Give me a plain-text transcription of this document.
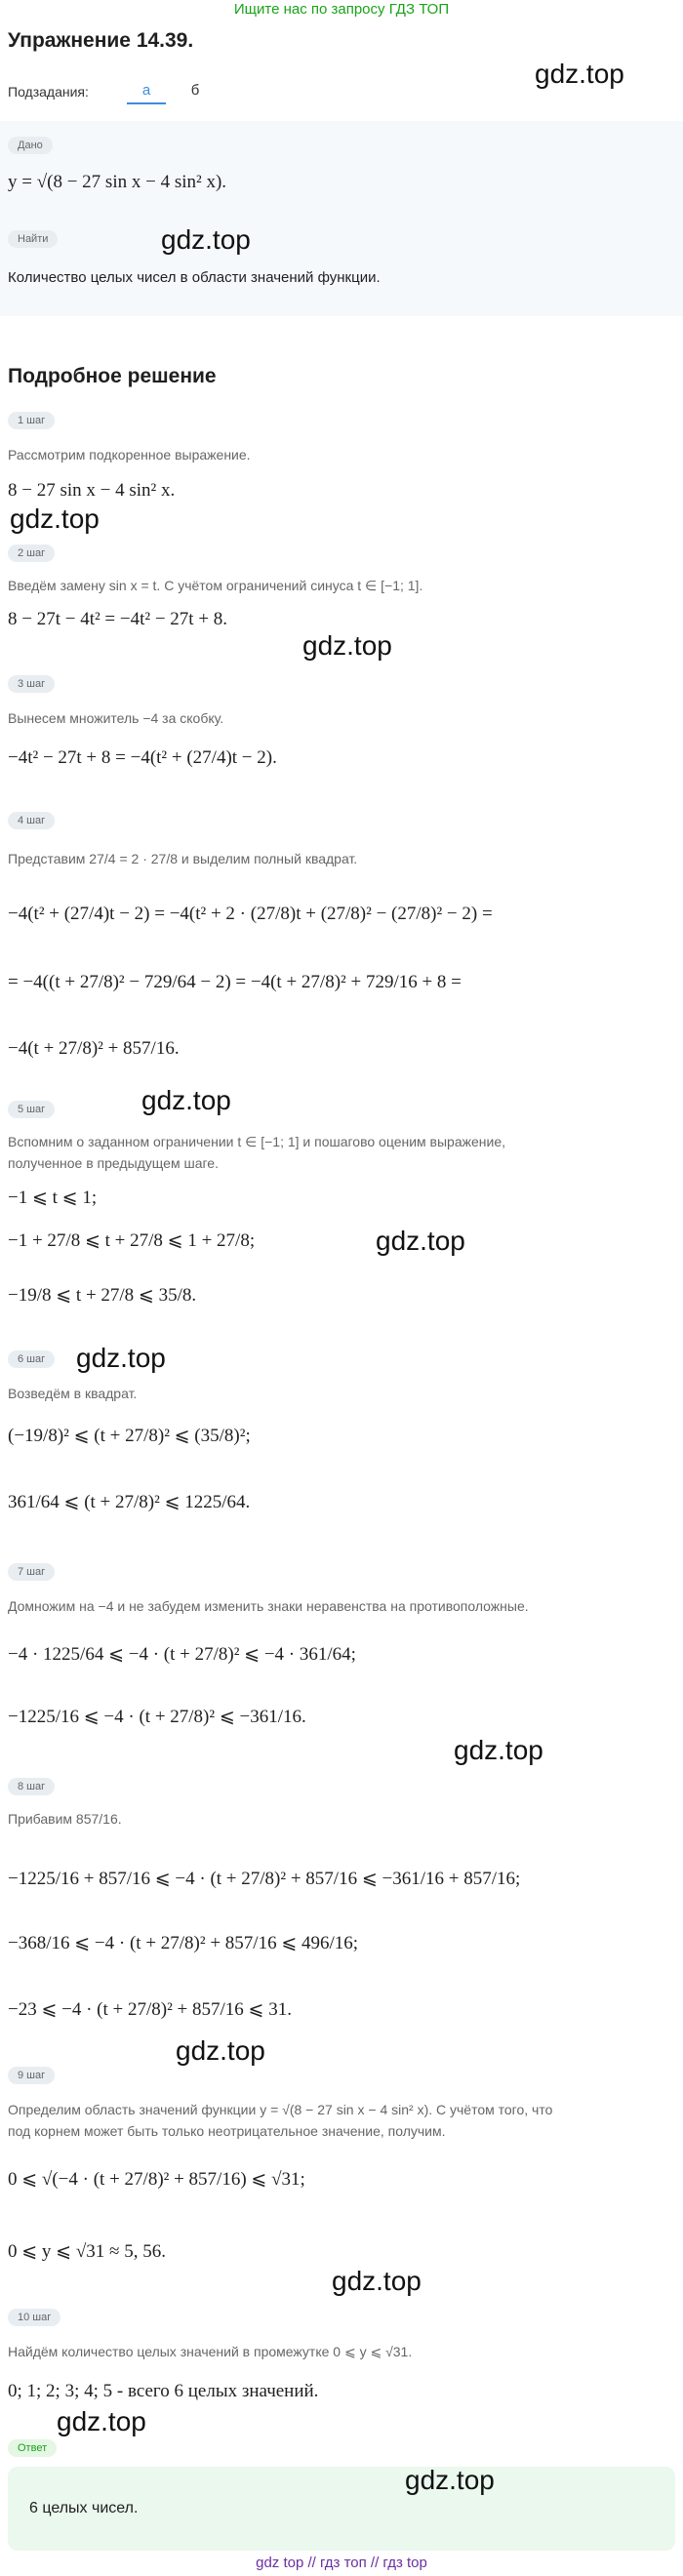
Ищите нас по запросу ГДЗ ТОП
Упражнение 14.39.
gdz.top
Подзадания:	а	б
Дано
y = √(8 − 27 sin x − 4 sin² x).
Найти	gdz.top
Количество целых чисел в области значений функции.
Подробное решение
1 шаг
Рассмотрим подкоренное выражение.
8 − 27 sin x − 4 sin² x.
gdz.top
2 шаг
Введём замену sin x = t. С учётом ограничений синуса t ∈ [−1; 1].
8 − 27t − 4t² = −4t² − 27t + 8.
gdz.top
3 шаг
Вынесем множитель −4 за скобку.
−4t² − 27t + 8 = −4(t² + (27/4)t − 2).
4 шаг
Представим 27/4 = 2 · 27/8 и выделим полный квадрат.
−4(t² + (27/4)t − 2) = −4(t² + 2 · (27/8)t + (27/8)² − (27/8)² − 2) =
= −4((t + 27/8)² − 729/64 − 2) = −4(t + 27/8)² + 729/16 + 8 =
−4(t + 27/8)² + 857/16.
gdz.top
5 шаг
Вспомним о заданном ограничении t ∈ [−1; 1] и пошагово оценим выражение,
полученное в предыдущем шаге.
−1 ⩽ t ⩽ 1;
−1 + 27/8 ⩽ t + 27/8 ⩽ 1 + 27/8;	gdz.top
−19/8 ⩽ t + 27/8 ⩽ 35/8.
gdz.top
6 шаг
Возведём в квадрат.
(−19/8)² ⩽ (t + 27/8)² ⩽ (35/8)²;
361/64 ⩽ (t + 27/8)² ⩽ 1225/64.
7 шаг
Домножим на −4 и не забудем изменить знаки неравенства на противоположные.
−4 · 1225/64 ⩽ −4 · (t + 27/8)² ⩽ −4 · 361/64;
−1225/16 ⩽ −4 · (t + 27/8)² ⩽ −361/16.
gdz.top
8 шаг
Прибавим 857/16.
−1225/16 + 857/16 ⩽ −4 · (t + 27/8)² + 857/16 ⩽ −361/16 + 857/16;
−368/16 ⩽ −4 · (t + 27/8)² + 857/16 ⩽ 496/16;
−23 ⩽ −4 · (t + 27/8)² + 857/16 ⩽ 31.
gdz.top
9 шаг
Определим область значений функции y = √(8 − 27 sin x − 4 sin² x). С учётом того, что
под корнем может быть только неотрицательное значение, получим.
0 ⩽ √(−4 · (t + 27/8)² + 857/16) ⩽ √31;
0 ⩽ y ⩽ √31 ≈ 5, 56.
gdz.top
10 шаг
Найдём количество целых значений в промежутке 0 ⩽ y ⩽ √31.
0; 1; 2; 3; 4; 5 - всего 6 целых значений.
gdz.top
Ответ
gdz.top
6 целых чисел.
gdz top // гдз топ // гдз top
